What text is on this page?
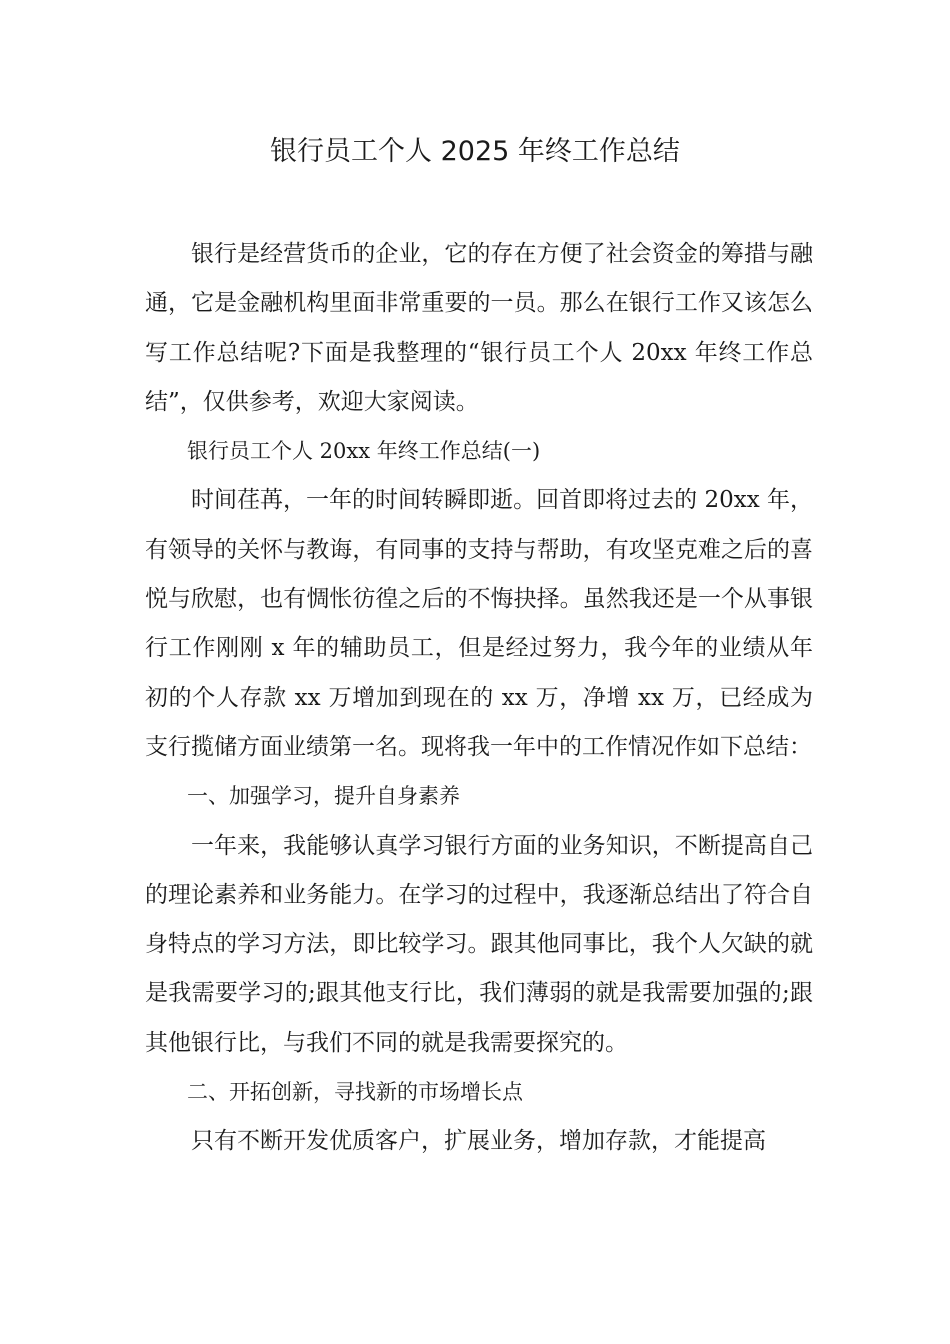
银行员工个人 2025 年终工作总结

银行是经营货币的企业，它的存在方便了社会资金的筹措与融通，它是金融机构里面非常重要的一员。那么在银行工作又该怎么写工作总结呢?下面是我整理的“银行员工个人 20xx 年终工作总结”，仅供参考，欢迎大家阅读。

银行员工个人 20xx 年终工作总结(一)

时间荏苒，一年的时间转瞬即逝。回首即将过去的 20xx 年，有领导的关怀与教诲，有同事的支持与帮助，有攻坚克难之后的喜悦与欣慰，也有惆怅彷徨之后的不悔抉择。虽然我还是一个从事银行工作刚刚 x 年的辅助员工，但是经过努力，我今年的业绩从年初的个人存款 xx 万增加到现在的 xx 万，净增 xx 万，已经成为支行揽储方面业绩第一名。现将我一年中的工作情况作如下总结：

一、加强学习，提升自身素养

一年来，我能够认真学习银行方面的业务知识，不断提高自己的理论素养和业务能力。在学习的过程中，我逐渐总结出了符合自身特点的学习方法，即比较学习。跟其他同事比，我个人欠缺的就是我需要学习的;跟其他支行比，我们薄弱的就是我需要加强的;跟其他银行比，与我们不同的就是我需要探究的。

二、开拓创新，寻找新的市场增长点

只有不断开发优质客户，扩展业务，增加存款，才能提高
